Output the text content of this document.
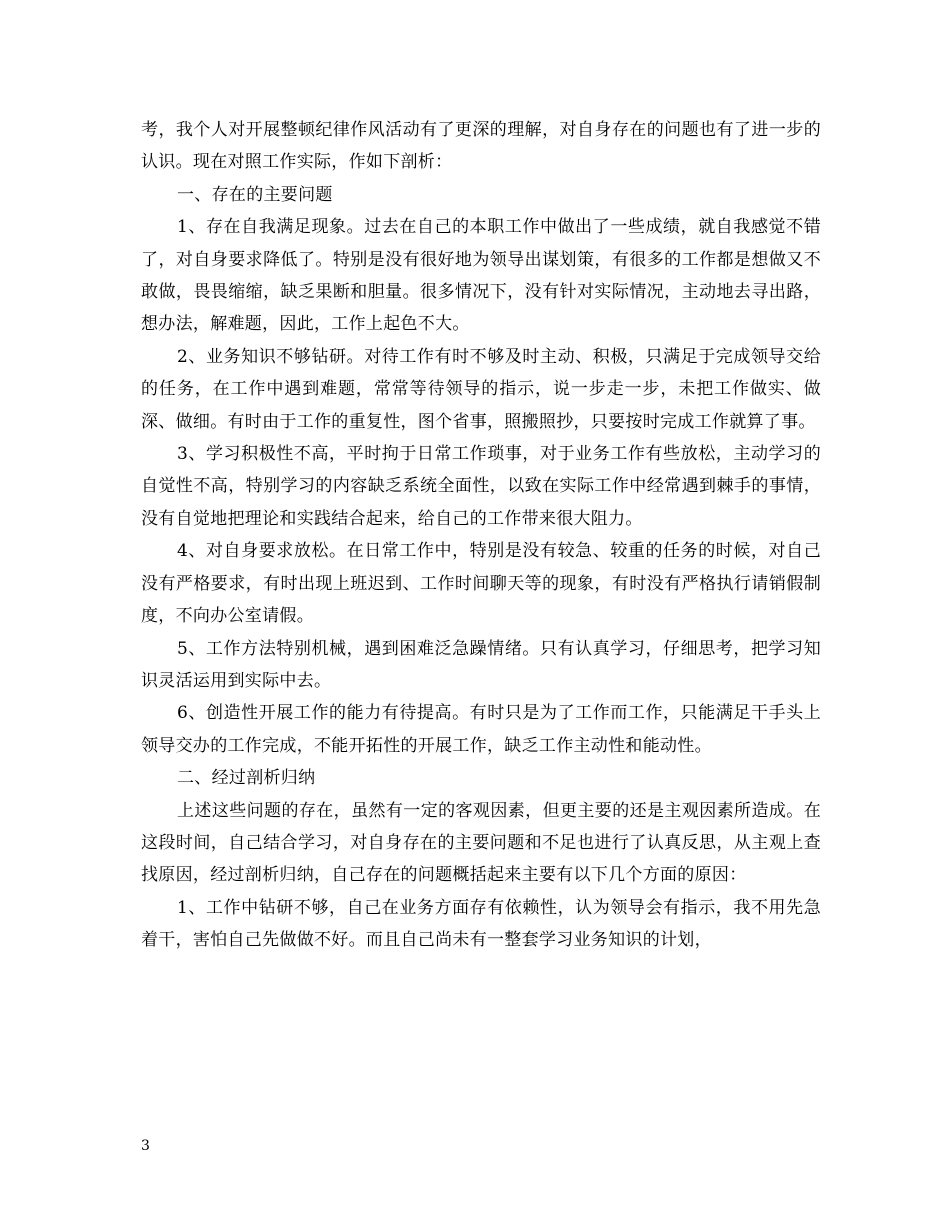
考，我个人对开展整顿纪律作风活动有了更深的理解，对自身存在的问题也有了进一步的认识。现在对照工作实际，作如下剖析：

一、存在的主要问题

1、存在自我满足现象。过去在自己的本职工作中做出了一些成绩，就自我感觉不错了，对自身要求降低了。特别是没有很好地为领导出谋划策，有很多的工作都是想做又不敢做，畏畏缩缩，缺乏果断和胆量。很多情况下，没有针对实际情况，主动地去寻出路，想办法，解难题，因此，工作上起色不大。

2、业务知识不够钻研。对待工作有时不够及时主动、积极，只满足于完成领导交给的任务，在工作中遇到难题，常常等待领导的指示，说一步走一步，未把工作做实、做深、做细。有时由于工作的重复性，图个省事，照搬照抄，只要按时完成工作就算了事。

3、学习积极性不高，平时拘于日常工作琐事，对于业务工作有些放松，主动学习的自觉性不高，特别学习的内容缺乏系统全面性，以致在实际工作中经常遇到棘手的事情，没有自觉地把理论和实践结合起来，给自己的工作带来很大阻力。

4、对自身要求放松。在日常工作中，特别是没有较急、较重的任务的时候，对自己没有严格要求，有时出现上班迟到、工作时间聊天等的现象，有时没有严格执行请销假制度，不向办公室请假。

5、工作方法特别机械，遇到困难泛急躁情绪。只有认真学习，仔细思考，把学习知识灵活运用到实际中去。

6、创造性开展工作的能力有待提高。有时只是为了工作而工作，只能满足干手头上领导交办的工作完成，不能开拓性的开展工作，缺乏工作主动性和能动性。

二、经过剖析归纳

上述这些问题的存在，虽然有一定的客观因素，但更主要的还是主观因素所造成。在这段时间，自己结合学习，对自身存在的主要问题和不足也进行了认真反思，从主观上查找原因，经过剖析归纳，自己存在的问题概括起来主要有以下几个方面的原因：

1、工作中钻研不够，自己在业务方面存有依赖性，认为领导会有指示，我不用先急着干，害怕自己先做做不好。而且自己尚未有一整套学习业务知识的计划，

3
